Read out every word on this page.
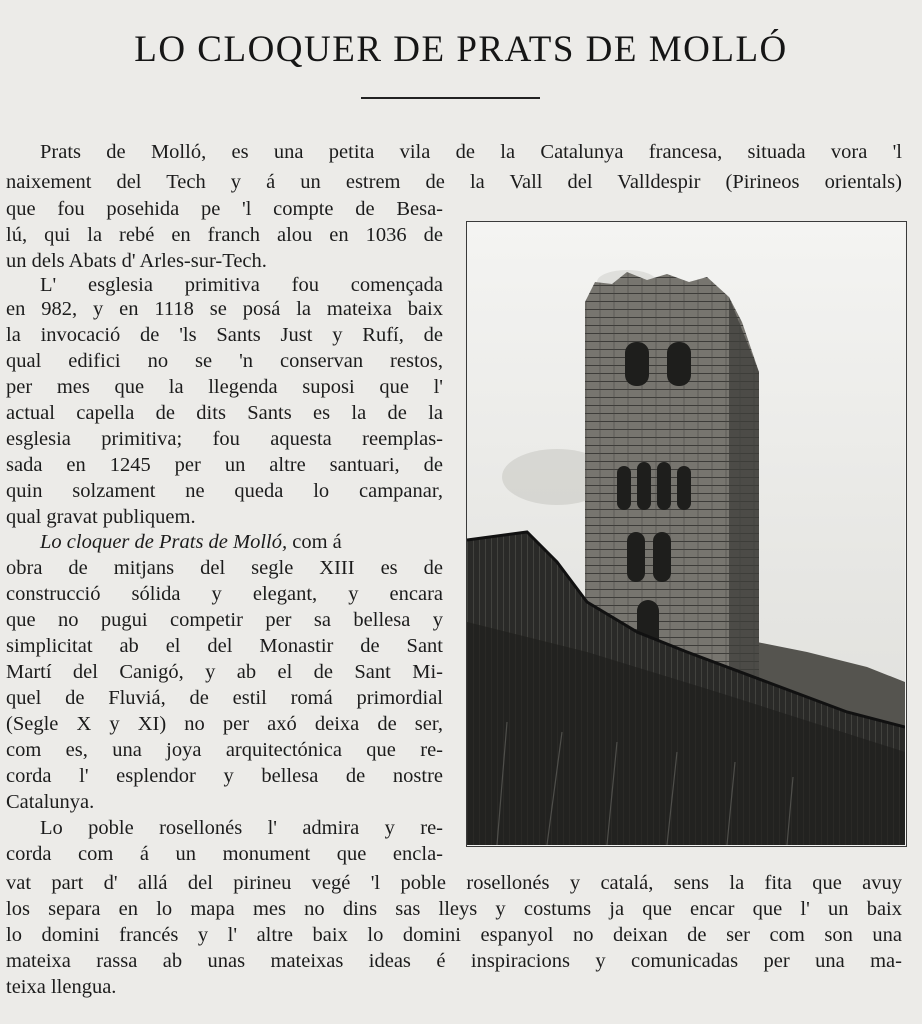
LO CLOQUER DE PRATS DE MOLLÓ
Prats de Molló, es una petita vila de la Catalunya francesa, situada vora 'l
naixement del Tech y á un estrem de la Vall del Valldespir (Pirineos orientals)
que fou posehida pe 'l compte de Besa-
lú, qui la rebé en franch alou en 1036 de
un dels Abats d' Arles-sur-Tech.
L' esglesia primitiva fou començada
en 982, y en 1118 se posá la mateixa baix
la invocació de 'ls Sants Just y Rufí, de
qual edifici no se 'n conservan restos,
per mes que la llegenda suposi que l'
actual capella de dits Sants es la de la
esglesia primitiva; fou aquesta reemplas-
sada en 1245 per un altre santuari, de
quin solzament ne queda lo campanar,
qual gravat publiquem.
Lo cloquer de Prats de Molló, com á
obra de mitjans del segle XIII es de
construcció sólida y elegant, y encara
que no pugui competir per sa bellesa y
simplicitat ab el del Monastir de Sant
Martí del Canigó, y ab el de Sant Mi-
quel de Fluviá, de estil romá primordial
(Segle X y XI) no per axó deixa de ser,
com es, una joya arquitectónica que re-
corda l' esplendor y bellesa de nostre
Catalunya.
Lo poble rosellonés l' admira y re-
corda com á un monument que encla-
vat part d' allá del pirineu vegé 'l poble rosellonés y catalá, sens la fita que avuy
los separa en lo mapa mes no dins sas lleys y costums ja que encar que l' un baix
lo domini francés y l' altre baix lo domini espanyol no deixan de ser com son una
mateixa rassa ab unas mateixas ideas é inspiracions y comunicadas per una ma-
teixa llengua.
